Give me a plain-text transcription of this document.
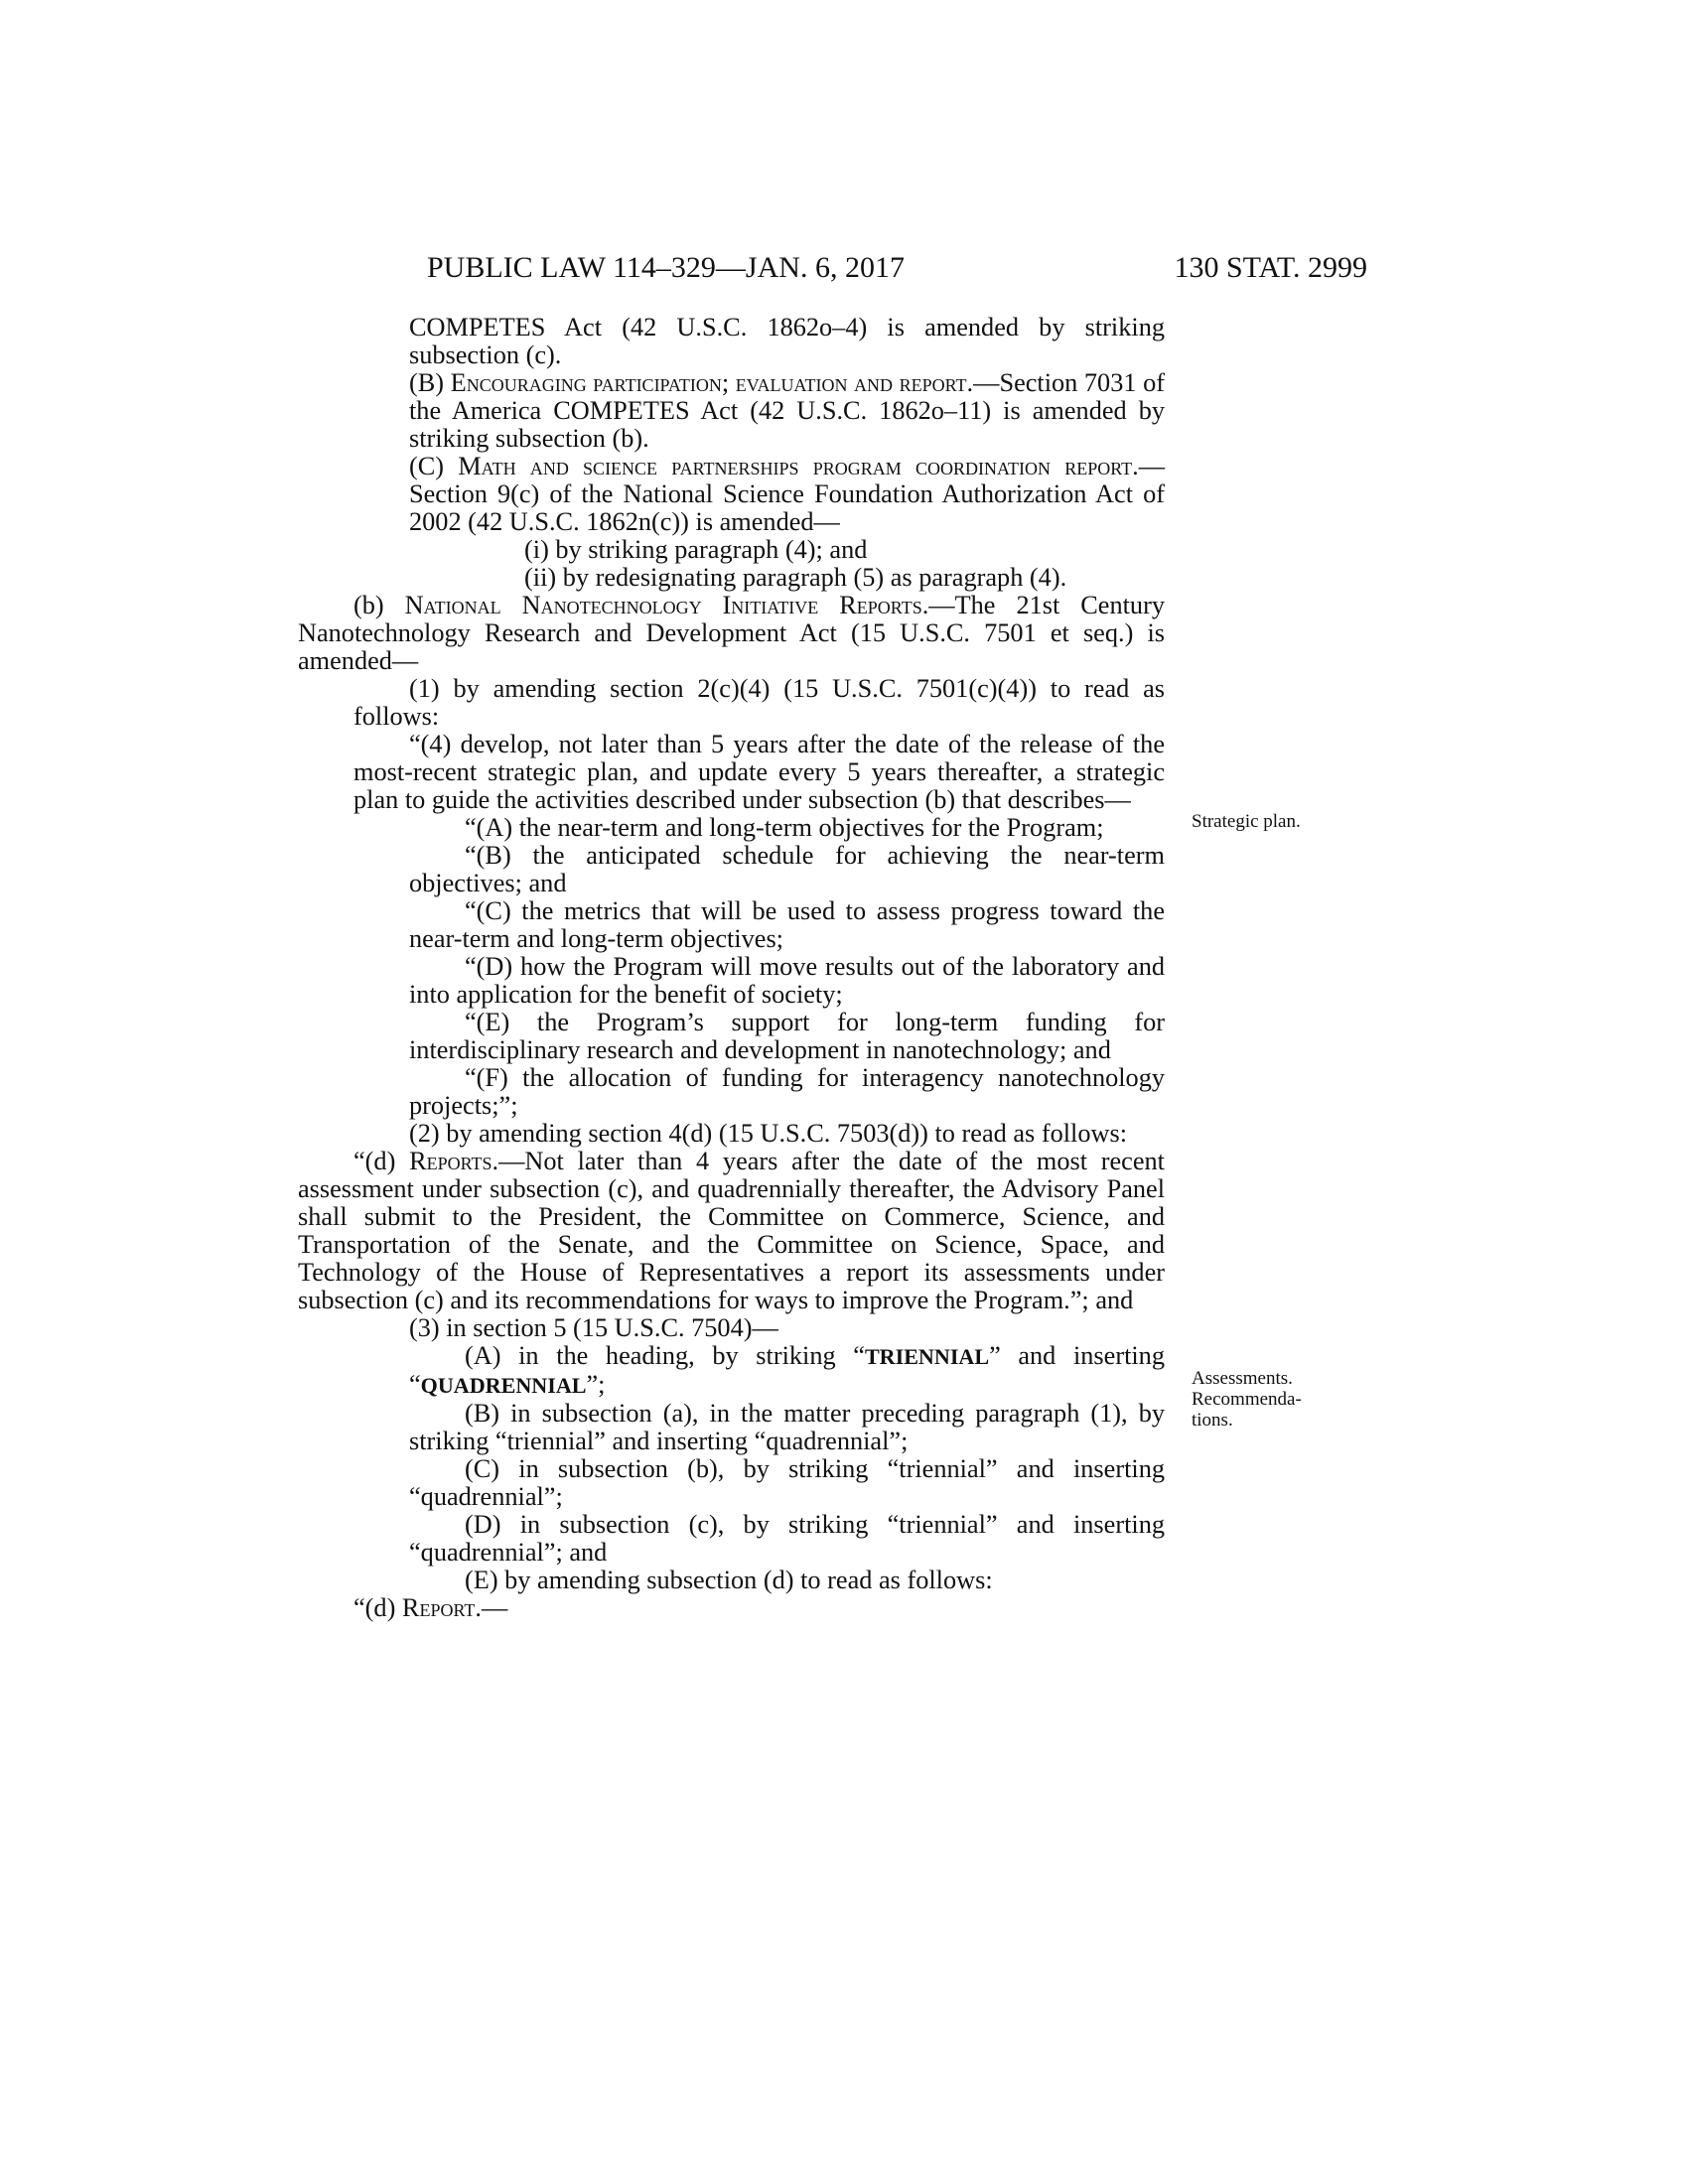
PUBLIC LAW 114–329—JAN. 6, 2017	130 STAT. 2999
Strategic plan.
Assessments. Recommenda-tions.

COMPETES Act (42 U.S.C. 1862o–4) is amended by striking subsection (c).

(B) Encouraging participation; evaluation and report.—Section 7031 of the America COMPETES Act (42 U.S.C. 1862o–11) is amended by striking subsection (b).

(C) Math and science partnerships program coordination report.—Section 9(c) of the National Science Foundation Authorization Act of 2002 (42 U.S.C. 1862n(c)) is amended—

(i) by striking paragraph (4); and

(ii) by redesignating paragraph (5) as paragraph (4).

(b) National Nanotechnology Initiative Reports.—The 21st Century Nanotechnology Research and Development Act (15 U.S.C. 7501 et seq.) is amended—

(1) by amending section 2(c)(4) (15 U.S.C. 7501(c)(4)) to read as follows:

“(4) develop, not later than 5 years after the date of the release of the most-recent strategic plan, and update every 5 years thereafter, a strategic plan to guide the activities described under subsection (b) that describes—

“(A) the near-term and long-term objectives for the Program;

“(B) the anticipated schedule for achieving the near-term objectives; and

“(C) the metrics that will be used to assess progress toward the near-term and long-term objectives;

“(D) how the Program will move results out of the laboratory and into application for the benefit of society;

“(E) the Program’s support for long-term funding for interdisciplinary research and development in nanotechnology; and

“(F) the allocation of funding for interagency nanotechnology projects;”;

(2) by amending section 4(d) (15 U.S.C. 7503(d)) to read as follows:

“(d) Reports.—Not later than 4 years after the date of the most recent assessment under subsection (c), and quadrennially thereafter, the Advisory Panel shall submit to the President, the Committee on Commerce, Science, and Transportation of the Senate, and the Committee on Science, Space, and Technology of the House of Representatives a report its assessments under subsection (c) and its recommendations for ways to improve the Program.”; and

(3) in section 5 (15 U.S.C. 7504)—

(A) in the heading, by striking “TRIENNIAL” and inserting “QUADRENNIAL”;

(B) in subsection (a), in the matter preceding paragraph (1), by striking “triennial” and inserting “quadrennial”;

(C) in subsection (b), by striking “triennial” and inserting “quadrennial”;

(D) in subsection (c), by striking “triennial” and inserting “quadrennial”; and

(E) by amending subsection (d) to read as follows:

“(d) Report.—
